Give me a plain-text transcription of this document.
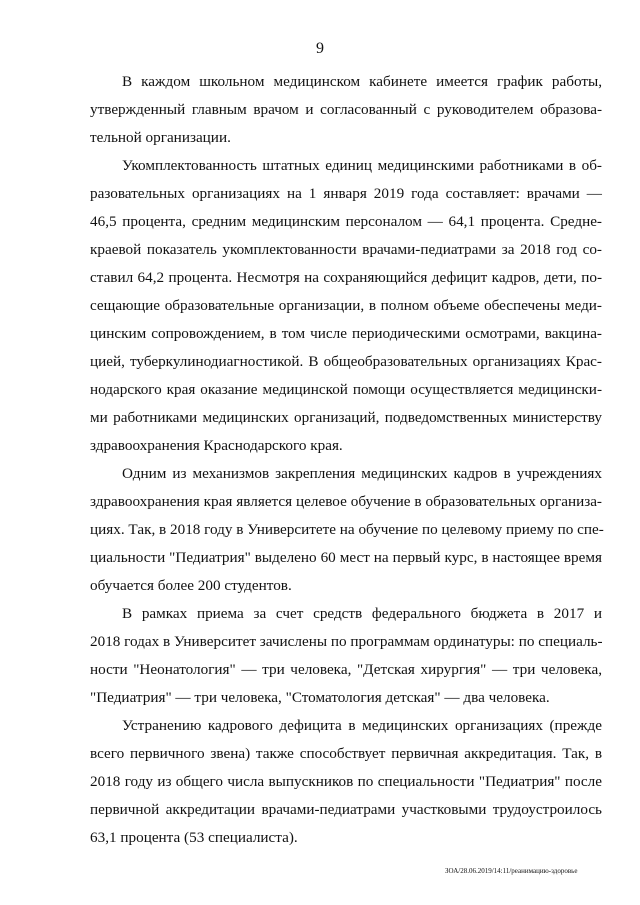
9
В каждом школьном медицинском кабинете имеется график работы,
утвержденный главным врачом и согласованный с руководителем образова-
тельной организации.
Укомплектованность штатных единиц медицинскими работниками в об-
разовательных организациях на 1 января 2019 года составляет: врачами —
46,5 процента, средним медицинским персоналом — 64,1 процента. Средне-
краевой показатель укомплектованности врачами-педиатрами за 2018 год со-
ставил 64,2 процента. Несмотря на сохраняющийся дефицит кадров, дети, по-
сещающие образовательные организации, в полном объеме обеспечены меди-
цинским сопровождением, в том числе периодическими осмотрами, вакцина-
цией, туберкулинодиагностикой. В общеобразовательных организациях Крас-
нодарского края оказание медицинской помощи осуществляется медицински-
ми работниками медицинских организаций, подведомственных министерству
здравоохранения Краснодарского края.
Одним из механизмов закрепления медицинских кадров в учреждениях
здравоохранения края является целевое обучение в образовательных организа-
циях. Так, в 2018 году в Университете на обучение по целевому приему по спе-
циальности "Педиатрия" выделено 60 мест на первый курс, в настоящее время
обучается более 200 студентов.
В рамках приема за счет средств федерального бюджета в 2017 и
2018 годах в Университет зачислены по программам ординатуры: по специаль-
ности "Неонатология" — три человека, "Детская хирургия" — три человека,
"Педиатрия" — три человека, "Стоматология детская" — два человека.
Устранению кадрового дефицита в медицинских организациях (прежде
всего первичного звена) также способствует первичная аккредитация. Так, в
2018 году из общего числа выпускников по специальности "Педиатрия" после
первичной аккредитации врачами-педиатрами участковыми трудоустроилось
63,1 процента (53 специалиста).
ЗОА/28.06.2019/14:11/реанимацию-здоровье
